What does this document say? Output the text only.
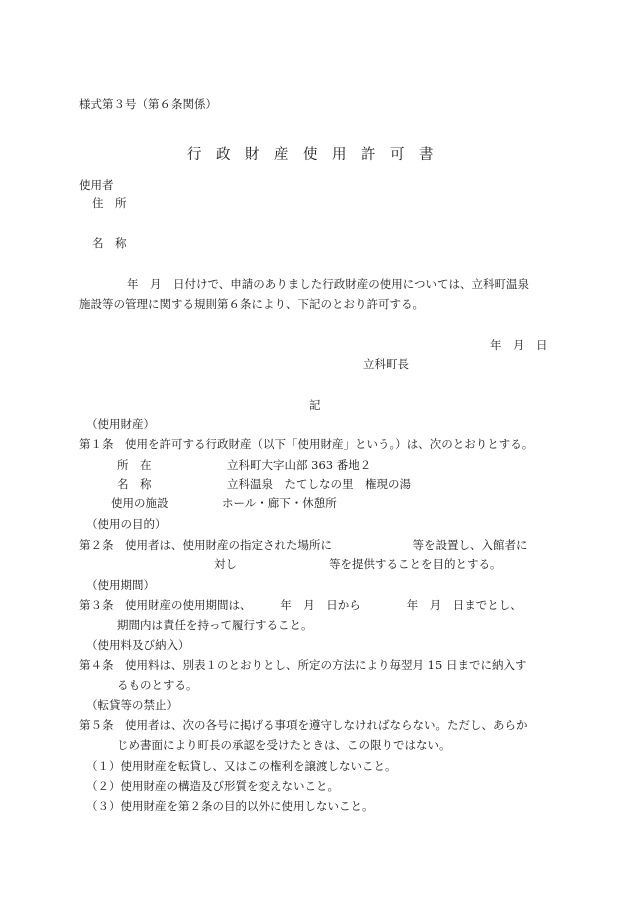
様式第３号（第６条関係）
行　政　財　産　使　用　許　可　書
使用者
住　所
名　称
年　月　日付けで、申請のありました行政財産の使用については、立科町温泉
施設等の管理に関する規則第６条により、下記のとおり許可する。
年　月　日
立科町長
記
（使用財産）
第１条　使用を許可する行政財産（以下「使用財産」という。）は、次のとおりとする。
所　在	立科町大字山部 363 番地２
名　称	立科温泉　たてしなの里　権現の湯
使用の施設	ホール・廊下・休憩所
（使用の目的）
第２条　使用者は、使用財産の指定された場所に　　　　　　　等を設置し、入館者に
対し　　　　　　　　等を提供することを目的とする。
（使用期間）
第３条　使用財産の使用期間は、　　　年　月　日から　　　　年　月　日までとし、
期間内は責任を持って履行すること。
（使用料及び納入）
第４条　使用料は、別表１のとおりとし、所定の方法により毎翌月 15 日までに納入す
るものとする。
（転貸等の禁止）
第５条　使用者は、次の各号に掲げる事項を遵守しなければならない。ただし、あらか
じめ書面により町長の承認を受けたときは、この限りではない。
（１）使用財産を転貸し、又はこの権利を譲渡しないこと。
（２）使用財産の構造及び形質を変えないこと。
（３）使用財産を第２条の目的以外に使用しないこと。
